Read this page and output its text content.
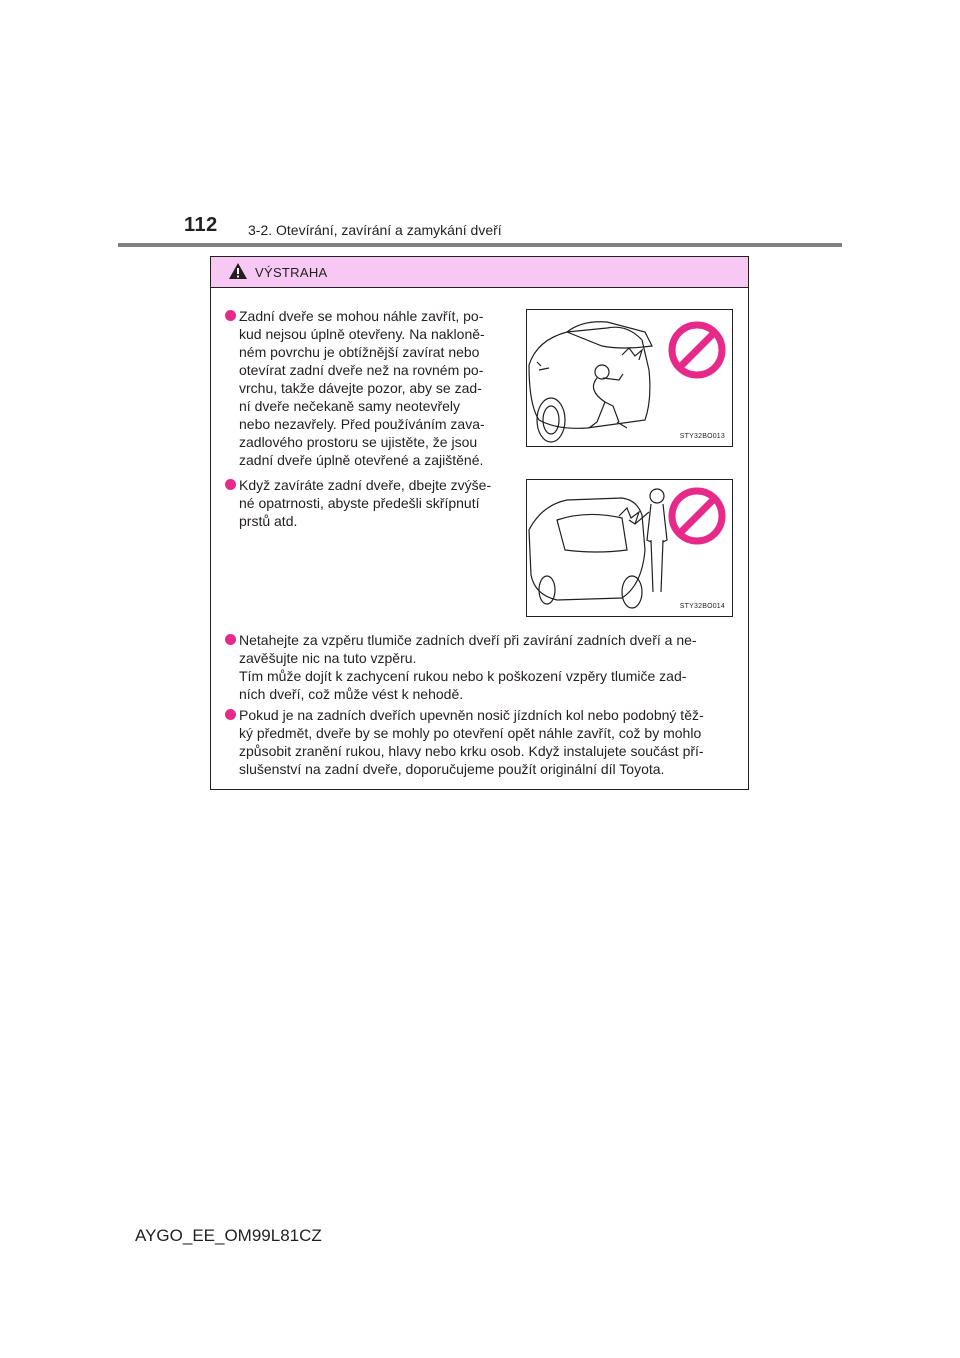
112 3-2. Otevírání, zavírání a zamykání dveří
VÝSTRAHA
Zadní dveře se mohou náhle zavřít, po-
kud nejsou úplně otevřeny. Na nakloně-
ném povrchu je obtížnější zavírat nebo
otevírat zadní dveře než na rovném po-
vrchu, takže dávejte pozor, aby se zad-
ní dveře nečekaně samy neotevřely
nebo nezavřely. Před používáním zava-
zadlového prostoru se ujistěte, že jsou
zadní dveře úplně otevřené a zajištěné.
STY32BO013
Když zavíráte zadní dveře, dbejte zvýše-
né opatrnosti, abyste předešli skřípnutí
prstů atd.
STY32BO014
Netahejte za vzpěru tlumiče zadních dveří při zavírání zadních dveří a ne-
zavěšujte nic na tuto vzpěru.
Tím může dojít k zachycení rukou nebo k poškození vzpěry tlumiče zad-
ních dveří, což může vést k nehodě.
Pokud je na zadních dveřích upevněn nosič jízdních kol nebo podobný těž-
ký předmět, dveře by se mohly po otevření opět náhle zavřít, což by mohlo
způsobit zranění rukou, hlavy nebo krku osob. Když instalujete součást pří-
slušenství na zadní dveře, doporučujeme použít originální díl Toyota.
AYGO_EE_OM99L81CZ
